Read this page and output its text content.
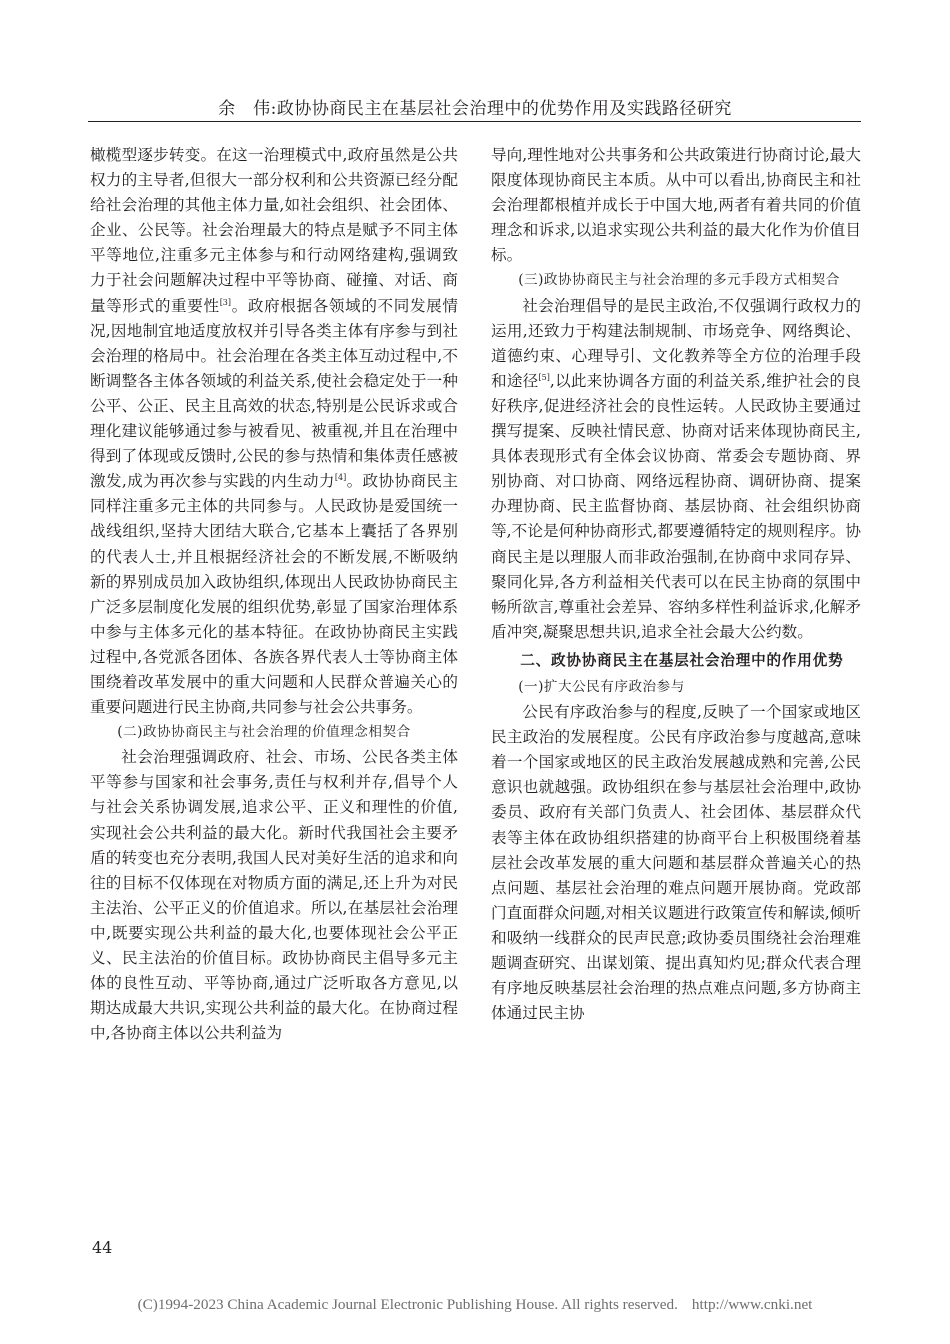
余　伟:政协协商民主在基层社会治理中的优势作用及实践路径研究

橄榄型逐步转变。在这一治理模式中,政府虽然是公共权力的主导者,但很大一部分权利和公共资源已经分配给社会治理的其他主体力量,如社会组织、社会团体、企业、公民等。社会治理最大的特点是赋予不同主体平等地位,注重多元主体参与和行动网络建构,强调致力于社会问题解决过程中平等协商、碰撞、对话、商量等形式的重要性[3]。政府根据各领域的不同发展情况,因地制宜地适度放权并引导各类主体有序参与到社会治理的格局中。社会治理在各类主体互动过程中,不断调整各主体各领域的利益关系,使社会稳定处于一种公平、公正、民主且高效的状态,特别是公民诉求或合理化建议能够通过参与被看见、被重视,并且在治理中得到了体现或反馈时,公民的参与热情和集体责任感被激发,成为再次参与实践的内生动力[4]。政协协商民主同样注重多元主体的共同参与。人民政协是爱国统一战线组织,坚持大团结大联合,它基本上囊括了各界别的代表人士,并且根据经济社会的不断发展,不断吸纳新的界别成员加入政协组织,体现出人民政协协商民主广泛多层制度化发展的组织优势,彰显了国家治理体系中参与主体多元化的基本特征。在政协协商民主实践过程中,各党派各团体、各族各界代表人士等协商主体围绕着改革发展中的重大问题和人民群众普遍关心的重要问题进行民主协商,共同参与社会公共事务。

(二)政协协商民主与社会治理的价值理念相契合

社会治理强调政府、社会、市场、公民各类主体平等参与国家和社会事务,责任与权利并存,倡导个人与社会关系协调发展,追求公平、正义和理性的价值,实现社会公共利益的最大化。新时代我国社会主要矛盾的转变也充分表明,我国人民对美好生活的追求和向往的目标不仅体现在对物质方面的满足,还上升为对民主法治、公平正义的价值追求。所以,在基层社会治理中,既要实现公共利益的最大化,也要体现社会公平正义、民主法治的价值目标。政协协商民主倡导多元主体的良性互动、平等协商,通过广泛听取各方意见,以期达成最大共识,实现公共利益的最大化。在协商过程中,各协商主体以公共利益为

导向,理性地对公共事务和公共政策进行协商讨论,最大限度体现协商民主本质。从中可以看出,协商民主和社会治理都根植并成长于中国大地,两者有着共同的价值理念和诉求,以追求实现公共利益的最大化作为价值目标。

(三)政协协商民主与社会治理的多元手段方式相契合

社会治理倡导的是民主政治,不仅强调行政权力的运用,还致力于构建法制规制、市场竞争、网络舆论、道德约束、心理导引、文化教养等全方位的治理手段和途径[5],以此来协调各方面的利益关系,维护社会的良好秩序,促进经济社会的良性运转。人民政协主要通过撰写提案、反映社情民意、协商对话来体现协商民主,具体表现形式有全体会议协商、常委会专题协商、界别协商、对口协商、网络远程协商、调研协商、提案办理协商、民主监督协商、基层协商、社会组织协商等,不论是何种协商形式,都要遵循特定的规则程序。协商民主是以理服人而非政治强制,在协商中求同存异、聚同化异,各方利益相关代表可以在民主协商的氛围中畅所欲言,尊重社会差异、容纳多样性利益诉求,化解矛盾冲突,凝聚思想共识,追求全社会最大公约数。

二、政协协商民主在基层社会治理中的作用优势

(一)扩大公民有序政治参与

公民有序政治参与的程度,反映了一个国家或地区民主政治的发展程度。公民有序政治参与度越高,意味着一个国家或地区的民主政治发展越成熟和完善,公民意识也就越强。政协组织在参与基层社会治理中,政协委员、政府有关部门负责人、社会团体、基层群众代表等主体在政协组织搭建的协商平台上积极围绕着基层社会改革发展的重大问题和基层群众普遍关心的热点问题、基层社会治理的难点问题开展协商。党政部门直面群众问题,对相关议题进行政策宣传和解读,倾听和吸纳一线群众的民声民意;政协委员围绕社会治理难题调查研究、出谋划策、提出真知灼见;群众代表合理有序地反映基层社会治理的热点难点问题,多方协商主体通过民主协

44
(C)1994-2023 China Academic Journal Electronic Publishing House. All rights reserved. http://www.cnki.net
